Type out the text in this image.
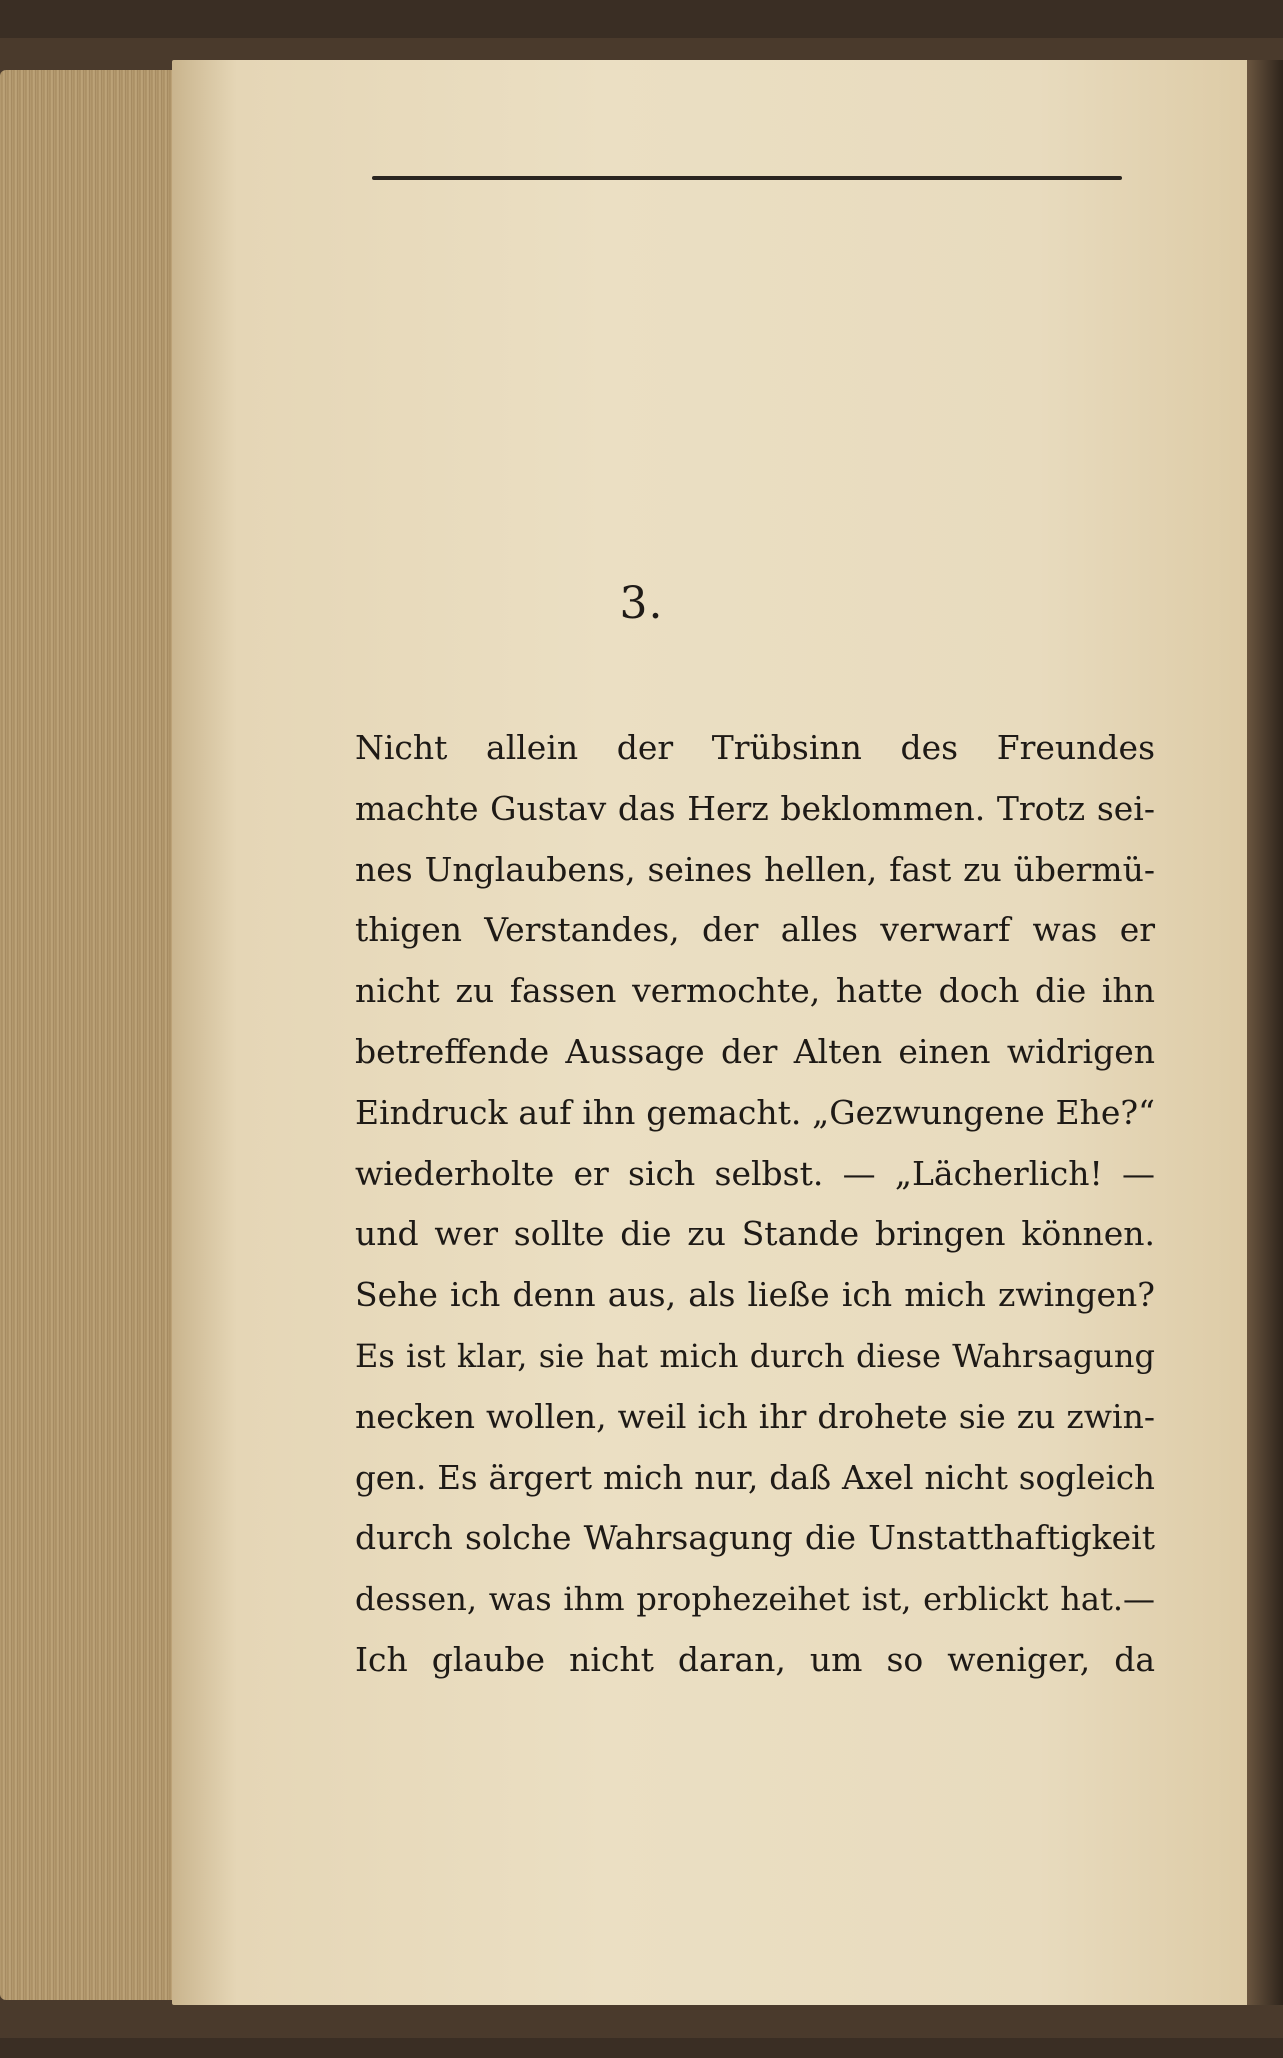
3.
Nicht allein der Trübsinn des Freundes
machte Gustav das Herz beklommen. Trotz sei-
nes Unglaubens, seines hellen, fast zu übermü-
thigen Verstandes, der alles verwarf was er
nicht zu fassen vermochte, hatte doch die ihn
betreffende Aussage der Alten einen widrigen
Eindruck auf ihn gemacht. „Gezwungene Ehe?“
wiederholte er sich selbst. — „Lächerlich! —
und wer sollte die zu Stande bringen können.
Sehe ich denn aus, als ließe ich mich zwingen?
Es ist klar, sie hat mich durch diese Wahrsagung
necken wollen, weil ich ihr drohete sie zu zwin-
gen. Es ärgert mich nur, daß Axel nicht sogleich
durch solche Wahrsagung die Unstatthaftigkeit
dessen, was ihm prophezeihet ist, erblickt hat.—
Ich glaube nicht daran, um so weniger, da
